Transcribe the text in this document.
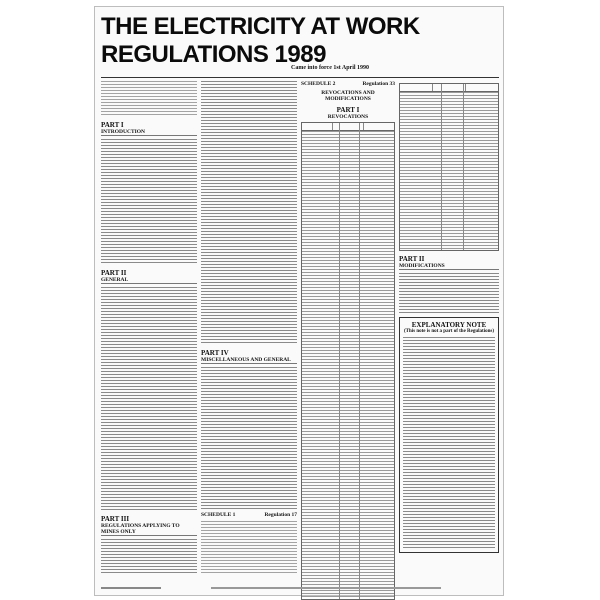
THE ELECTRICITY AT WORK
REGULATIONS 1989
Came into force 1st April 1990
PART I
INTRODUCTION
PART II
GENERAL
PART III
REGULATIONS APPLYING TO MINES ONLY
PART IV
MISCELLANEOUS AND GENERAL
SCHEDULE 1	Regulation 17
SCHEDULE 2	Regulation 33
REVOCATIONS AND MODIFICATIONS
PART I
REVOCATIONS
PART II
MODIFICATIONS
EXPLANATORY NOTE
(This note is not a part of the Regulations)
